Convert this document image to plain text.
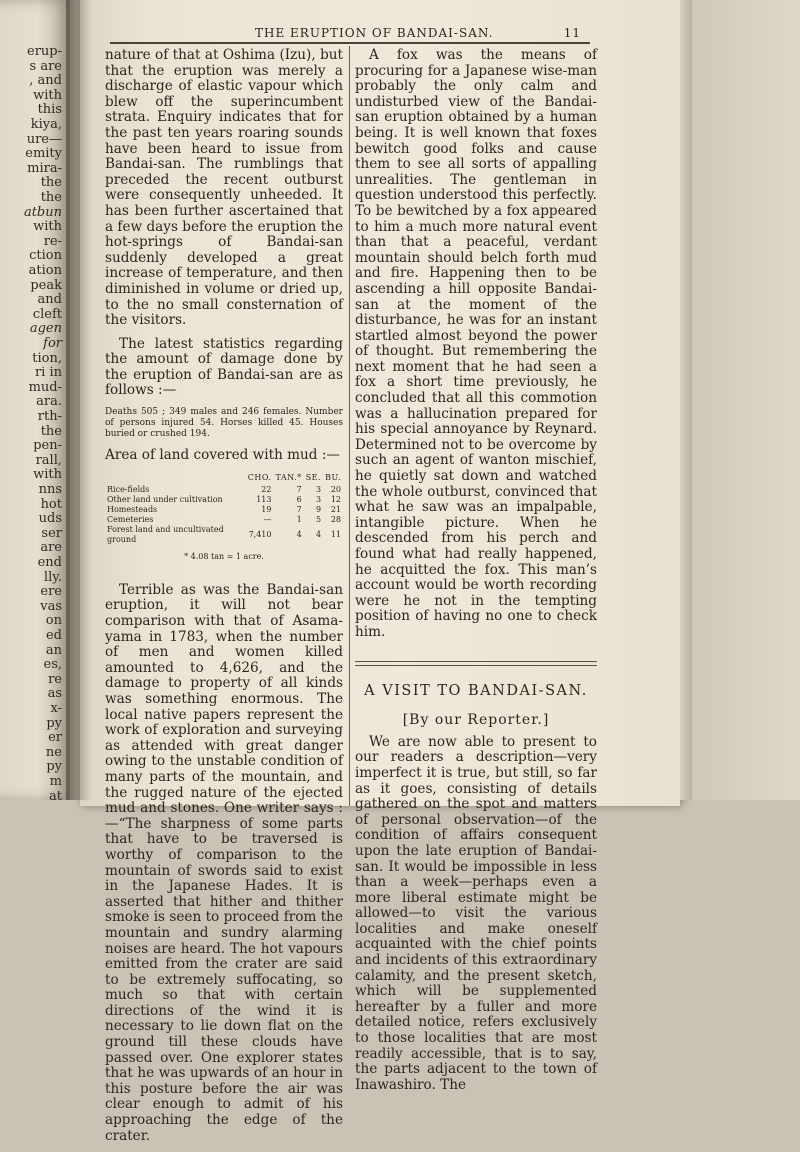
erup-
s are
, and
with
this
kiya,
ure—
emity
mira-
the
the
atbun
with
re-
ction
ation
peak
and
cleft
agen
for
tion,
ri in
mud-
ara.
rth-
the
pen-
rall,
with
nns
hot
uds
ser
are
end
lly.
ere
vas
on
ed
an
es,
re
as
x-
py
er
ne
py
m
at
THE ERUPTION OF BANDAI-SAN.	11

nature of that at Oshima (Izu), but that the eruption was merely a discharge of elastic vapour which blew off the superincumbent strata. Enquiry indicates that for the past ten years roaring sounds have been heard to issue from Bandai-san. The rumblings that preceded the recent outburst were consequently unheeded. It has been further ascertained that a few days before the eruption the hot-springs of Bandai-san suddenly developed a great increase of temperature, and then diminished in volume or dried up, to the no small consternation of the visitors.

The latest statistics regarding the amount of damage done by the eruption of Bandai-san are as follows :—

Deaths 505 ; 349 males and 246 females. Number of persons injured 54. Horses killed 45. Houses buried or crushed 194.

Area of land covered with mud :—
	CHO.	TAN.*	SE.	BU.
Rice-fields	22	7	3	20
Other land under cultivation	113	6	3	12
Homesteads	19	7	9	21
Cemeteries	—	1	5	28
Forest land and uncultivated ground	7,410	4	4	11
* 4.08 tan = 1 acre.

Terrible as was the Bandai-san eruption, it will not bear comparison with that of Asama-yama in 1783, when the number of men and women killed amounted to 4,626, and the damage to property of all kinds was something enormous. The local native papers represent the work of exploration and surveying as attended with great danger owing to the unstable condition of many parts of the mountain, and the rugged nature of the ejected mud and stones. One writer says :—“The sharpness of some parts that have to be traversed is worthy of comparison to the mountain of swords said to exist in the Japanese Hades. It is asserted that hither and thither smoke is seen to proceed from the mountain and sundry alarming noises are heard. The hot vapours emitted from the crater are said to be extremely suffocating, so much so that with certain directions of the wind it is necessary to lie down flat on the ground till these clouds have passed over. One explorer states that he was upwards of an hour in this posture before the air was clear enough to admit of his approaching the edge of the crater.

A fox was the means of procuring for a Japanese wise-man probably the only calm and undisturbed view of the Bandai-san eruption obtained by a human being. It is well known that foxes bewitch good folks and cause them to see all sorts of appalling unrealities. The gentleman in question understood this perfectly. To be bewitched by a fox appeared to him a much more natural event than that a peaceful, verdant mountain should belch forth mud and fire. Happening then to be ascending a hill opposite Bandai-san at the moment of the disturbance, he was for an instant startled almost beyond the power of thought. But remembering the next moment that he had seen a fox a short time previously, he concluded that all this commotion was a hallucination prepared for his special annoyance by Reynard. Determined not to be overcome by such an agent of wanton mischief, he quietly sat down and watched the whole outburst, convinced that what he saw was an impalpable, intangible picture. When he descended from his perch and found what had really happened, he acquitted the fox. This man’s account would be worth recording were he not in the tempting position of having no one to check him.

A VISIT TO BANDAI-SAN.
[By our Reporter.]

We are now able to present to our readers a description—very imperfect it is true, but still, so far as it goes, consisting of details gathered on the spot and matters of personal observation—of the condition of affairs consequent upon the late eruption of Bandai-san. It would be impossible in less than a week—perhaps even a more liberal estimate might be allowed—to visit the various localities and make oneself acquainted with the chief points and incidents of this extraordinary calamity, and the present sketch, which will be supplemented hereafter by a fuller and more detailed notice, refers exclusively to those localities that are most readily accessible, that is to say, the parts adjacent to the town of Inawashiro. The
